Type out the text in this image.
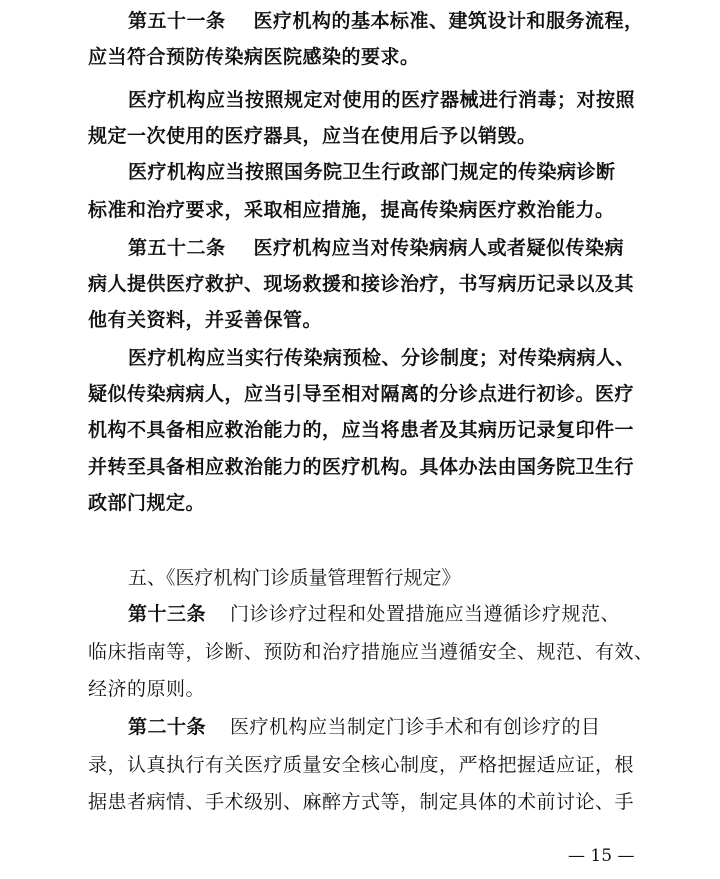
第五十一条 医疗机构的基本标准、建筑设计和服务流程，
应当符合预防传染病医院感染的要求。
医疗机构应当按照规定对使用的医疗器械进行消毒；对按照
规定一次使用的医疗器具，应当在使用后予以销毁。
医疗机构应当按照国务院卫生行政部门规定的传染病诊断
标准和治疗要求，采取相应措施，提高传染病医疗救治能力。
第五十二条 医疗机构应当对传染病病人或者疑似传染病
病人提供医疗救护、现场救援和接诊治疗，书写病历记录以及其
他有关资料，并妥善保管。
医疗机构应当实行传染病预检、分诊制度；对传染病病人、
疑似传染病病人，应当引导至相对隔离的分诊点进行初诊。医疗
机构不具备相应救治能力的，应当将患者及其病历记录复印件一
并转至具备相应救治能力的医疗机构。具体办法由国务院卫生行
政部门规定。
五、《医疗机构门诊质量管理暂行规定》
第十三条 门诊诊疗过程和处置措施应当遵循诊疗规范、
临床指南等，诊断、预防和治疗措施应当遵循安全、规范、有效、
经济的原则。
第二十条 医疗机构应当制定门诊手术和有创诊疗的目
录，认真执行有关医疗质量安全核心制度，严格把握适应证，根
据患者病情、手术级别、麻醉方式等，制定具体的术前讨论、手
— 15 —
